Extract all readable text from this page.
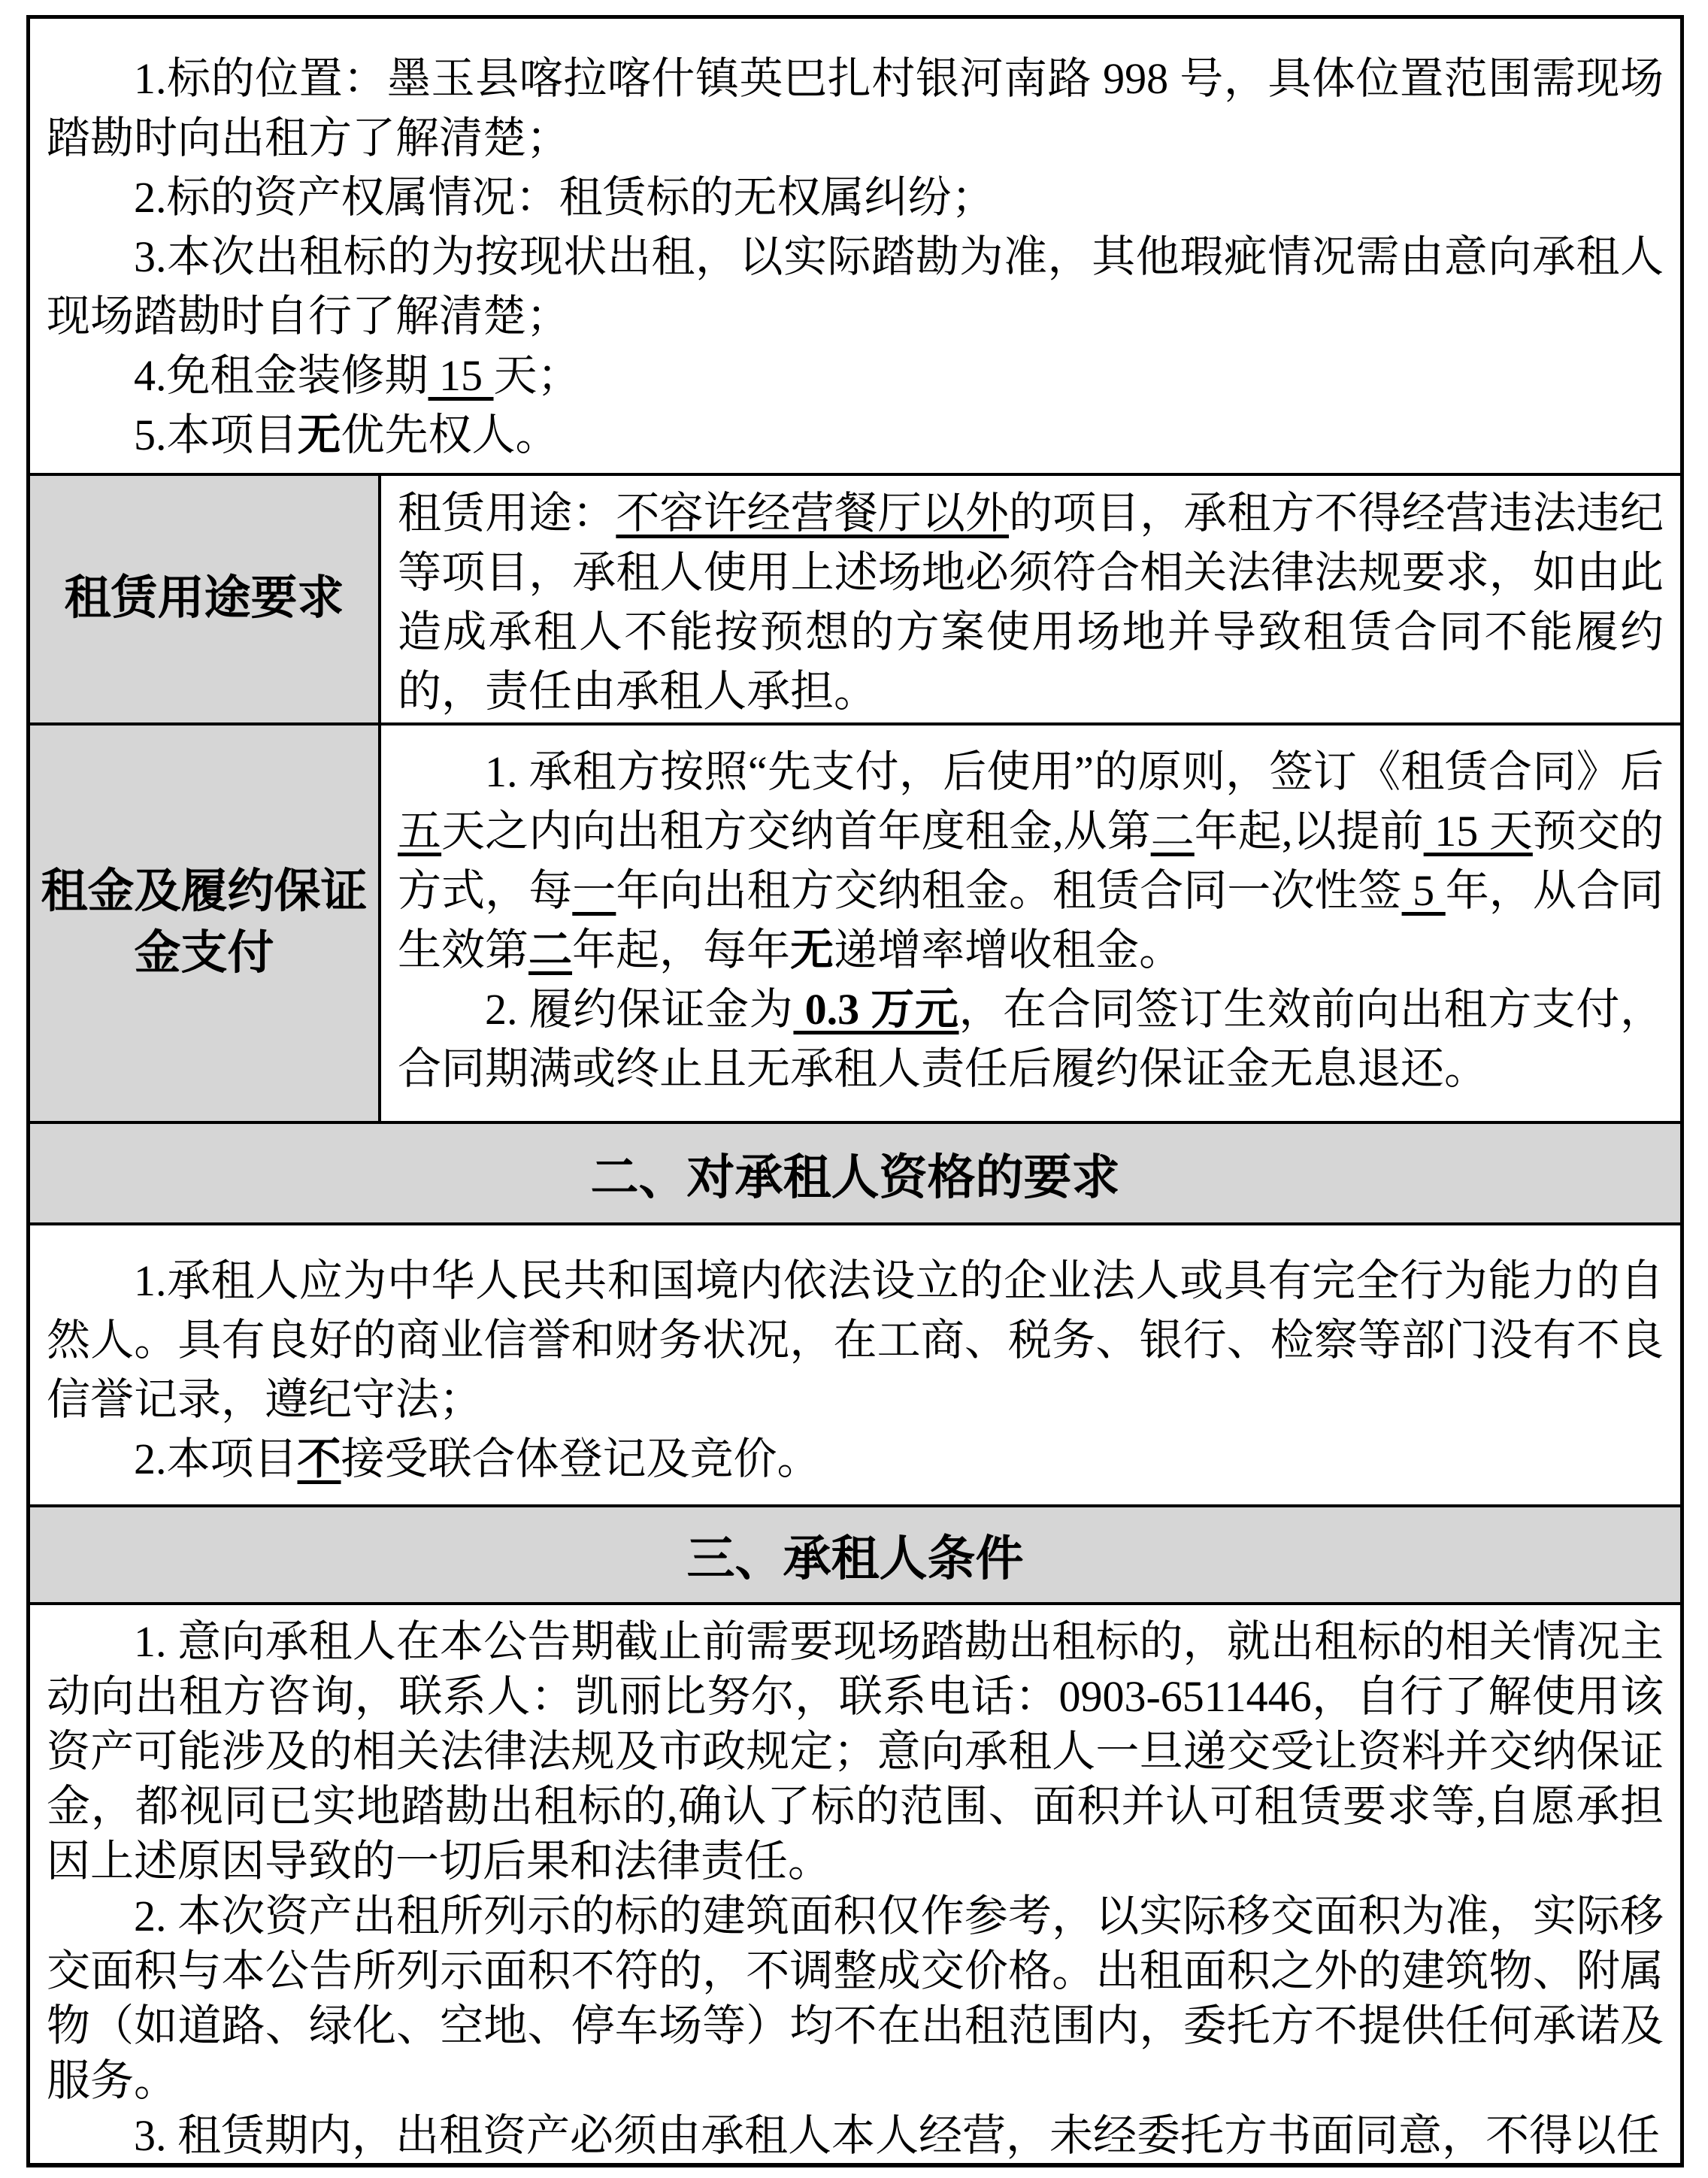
1.标的位置：墨玉县喀拉喀什镇英巴扎村银河南路 998 号，具体位置范围需现场踏勘时向出租方了解清楚；

2.标的资产权属情况：租赁标的无权属纠纷；

3.本次出租标的为按现状出租，以实际踏勘为准，其他瑕疵情况需由意向承租人现场踏勘时自行了解清楚；

4.免租金装修期 15 天；

5.本项目无优先权人。

租赁用途要求

租赁用途：不容许经营餐厅以外的项目，承租方不得经营违法违纪等项目，承租人使用上述场地必须符合相关法律法规要求，如由此造成承租人不能按预想的方案使用场地并导致租赁合同不能履约的，责任由承租人承担。

租金及履约保证金支付

1. 承租方按照“先支付，后使用”的原则，签订《租赁合同》后五天之内向出租方交纳首年度租金,从第二年起,以提前 15 天预交的方式，每一年向出租方交纳租金。租赁合同一次性签 5 年，从合同生效第二年起，每年无递增率增收租金。

2. 履约保证金为 0.3 万元，在合同签订生效前向出租方支付，合同期满或终止且无承租人责任后履约保证金无息退还。

二、对承租人资格的要求

1.承租人应为中华人民共和国境内依法设立的企业法人或具有完全行为能力的自然人。具有良好的商业信誉和财务状况，在工商、税务、银行、检察等部门没有不良信誉记录，遵纪守法；

2.本项目不接受联合体登记及竞价。

三、承租人条件

1. 意向承租人在本公告期截止前需要现场踏勘出租标的，就出租标的相关情况主动向出租方咨询，联系人：凯丽比努尔，联系电话：0903-6511446，自行了解使用该资产可能涉及的相关法律法规及市政规定；意向承租人一旦递交受让资料并交纳保证金，都视同已实地踏勘出租标的,确认了标的范围、面积并认可租赁要求等,自愿承担因上述原因导致的一切后果和法律责任。

2. 本次资产出租所列示的标的建筑面积仅作参考，以实际移交面积为准，实际移交面积与本公告所列示面积不符的，不调整成交价格。出租面积之外的建筑物、附属物（如道路、绿化、空地、停车场等）均不在出租范围内，委托方不提供任何承诺及服务。

3. 租赁期内，出租资产必须由承租人本人经营，未经委托方书面同意，不得以任
